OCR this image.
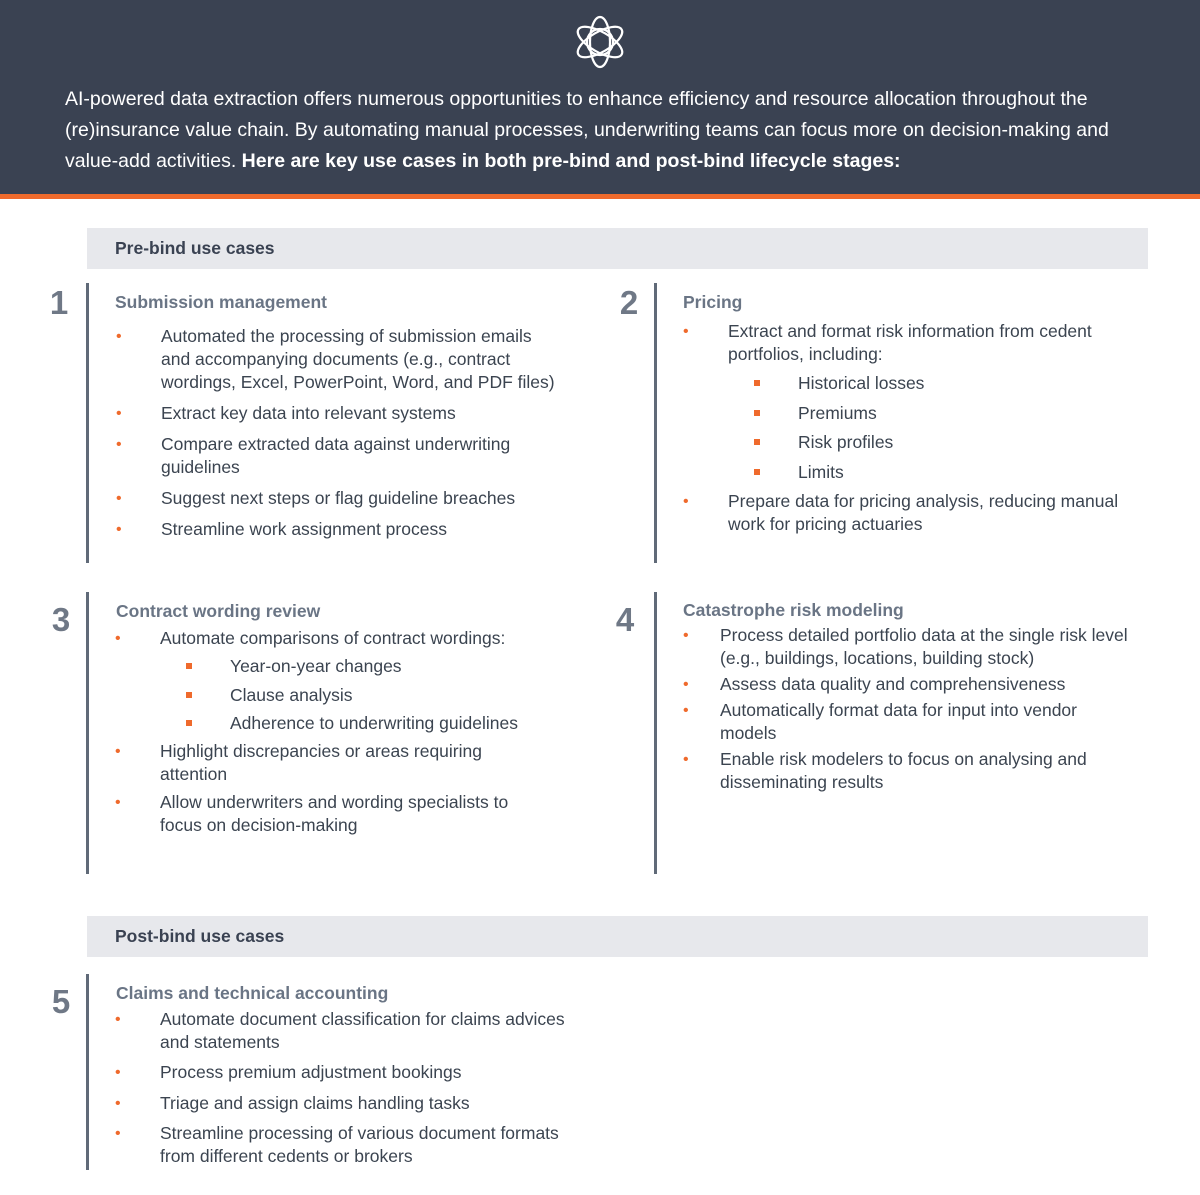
AI-powered data extraction offers numerous opportunities to enhance efficiency and resource allocation throughout the (re)insurance value chain. By automating manual processes, underwriting teams can focus more on decision-making and value-add activities. Here are key use cases in both pre-bind and post-bind lifecycle stages:
Pre-bind use cases
1	Submission management
• Automated the processing of submission emails and accompanying documents (e.g., contract wordings, Excel, PowerPoint, Word, and PDF files)
• Extract key data into relevant systems
• Compare extracted data against underwriting guidelines
• Suggest next steps or flag guideline breaches
• Streamline work assignment process
2	Pricing
• Extract and format risk information from cedent portfolios, including:
Historical losses
Premiums
Risk profiles
Limits
• Prepare data for pricing analysis, reducing manual work for pricing actuaries
3	Contract wording review
• Automate comparisons of contract wordings:
Year-on-year changes
Clause analysis
Adherence to underwriting guidelines
• Highlight discrepancies or areas requiring attention
• Allow underwriters and wording specialists to focus on decision-making
4	Catastrophe risk modeling
• Process detailed portfolio data at the single risk level (e.g., buildings, locations, building stock)
• Assess data quality and comprehensiveness
• Automatically format data for input into vendor models
• Enable risk modelers to focus on analysing and disseminating results
Post-bind use cases
5	Claims and technical accounting
• Automate document classification for claims advices and statements
• Process premium adjustment bookings
• Triage and assign claims handling tasks
• Streamline processing of various document formats from different cedents or brokers
